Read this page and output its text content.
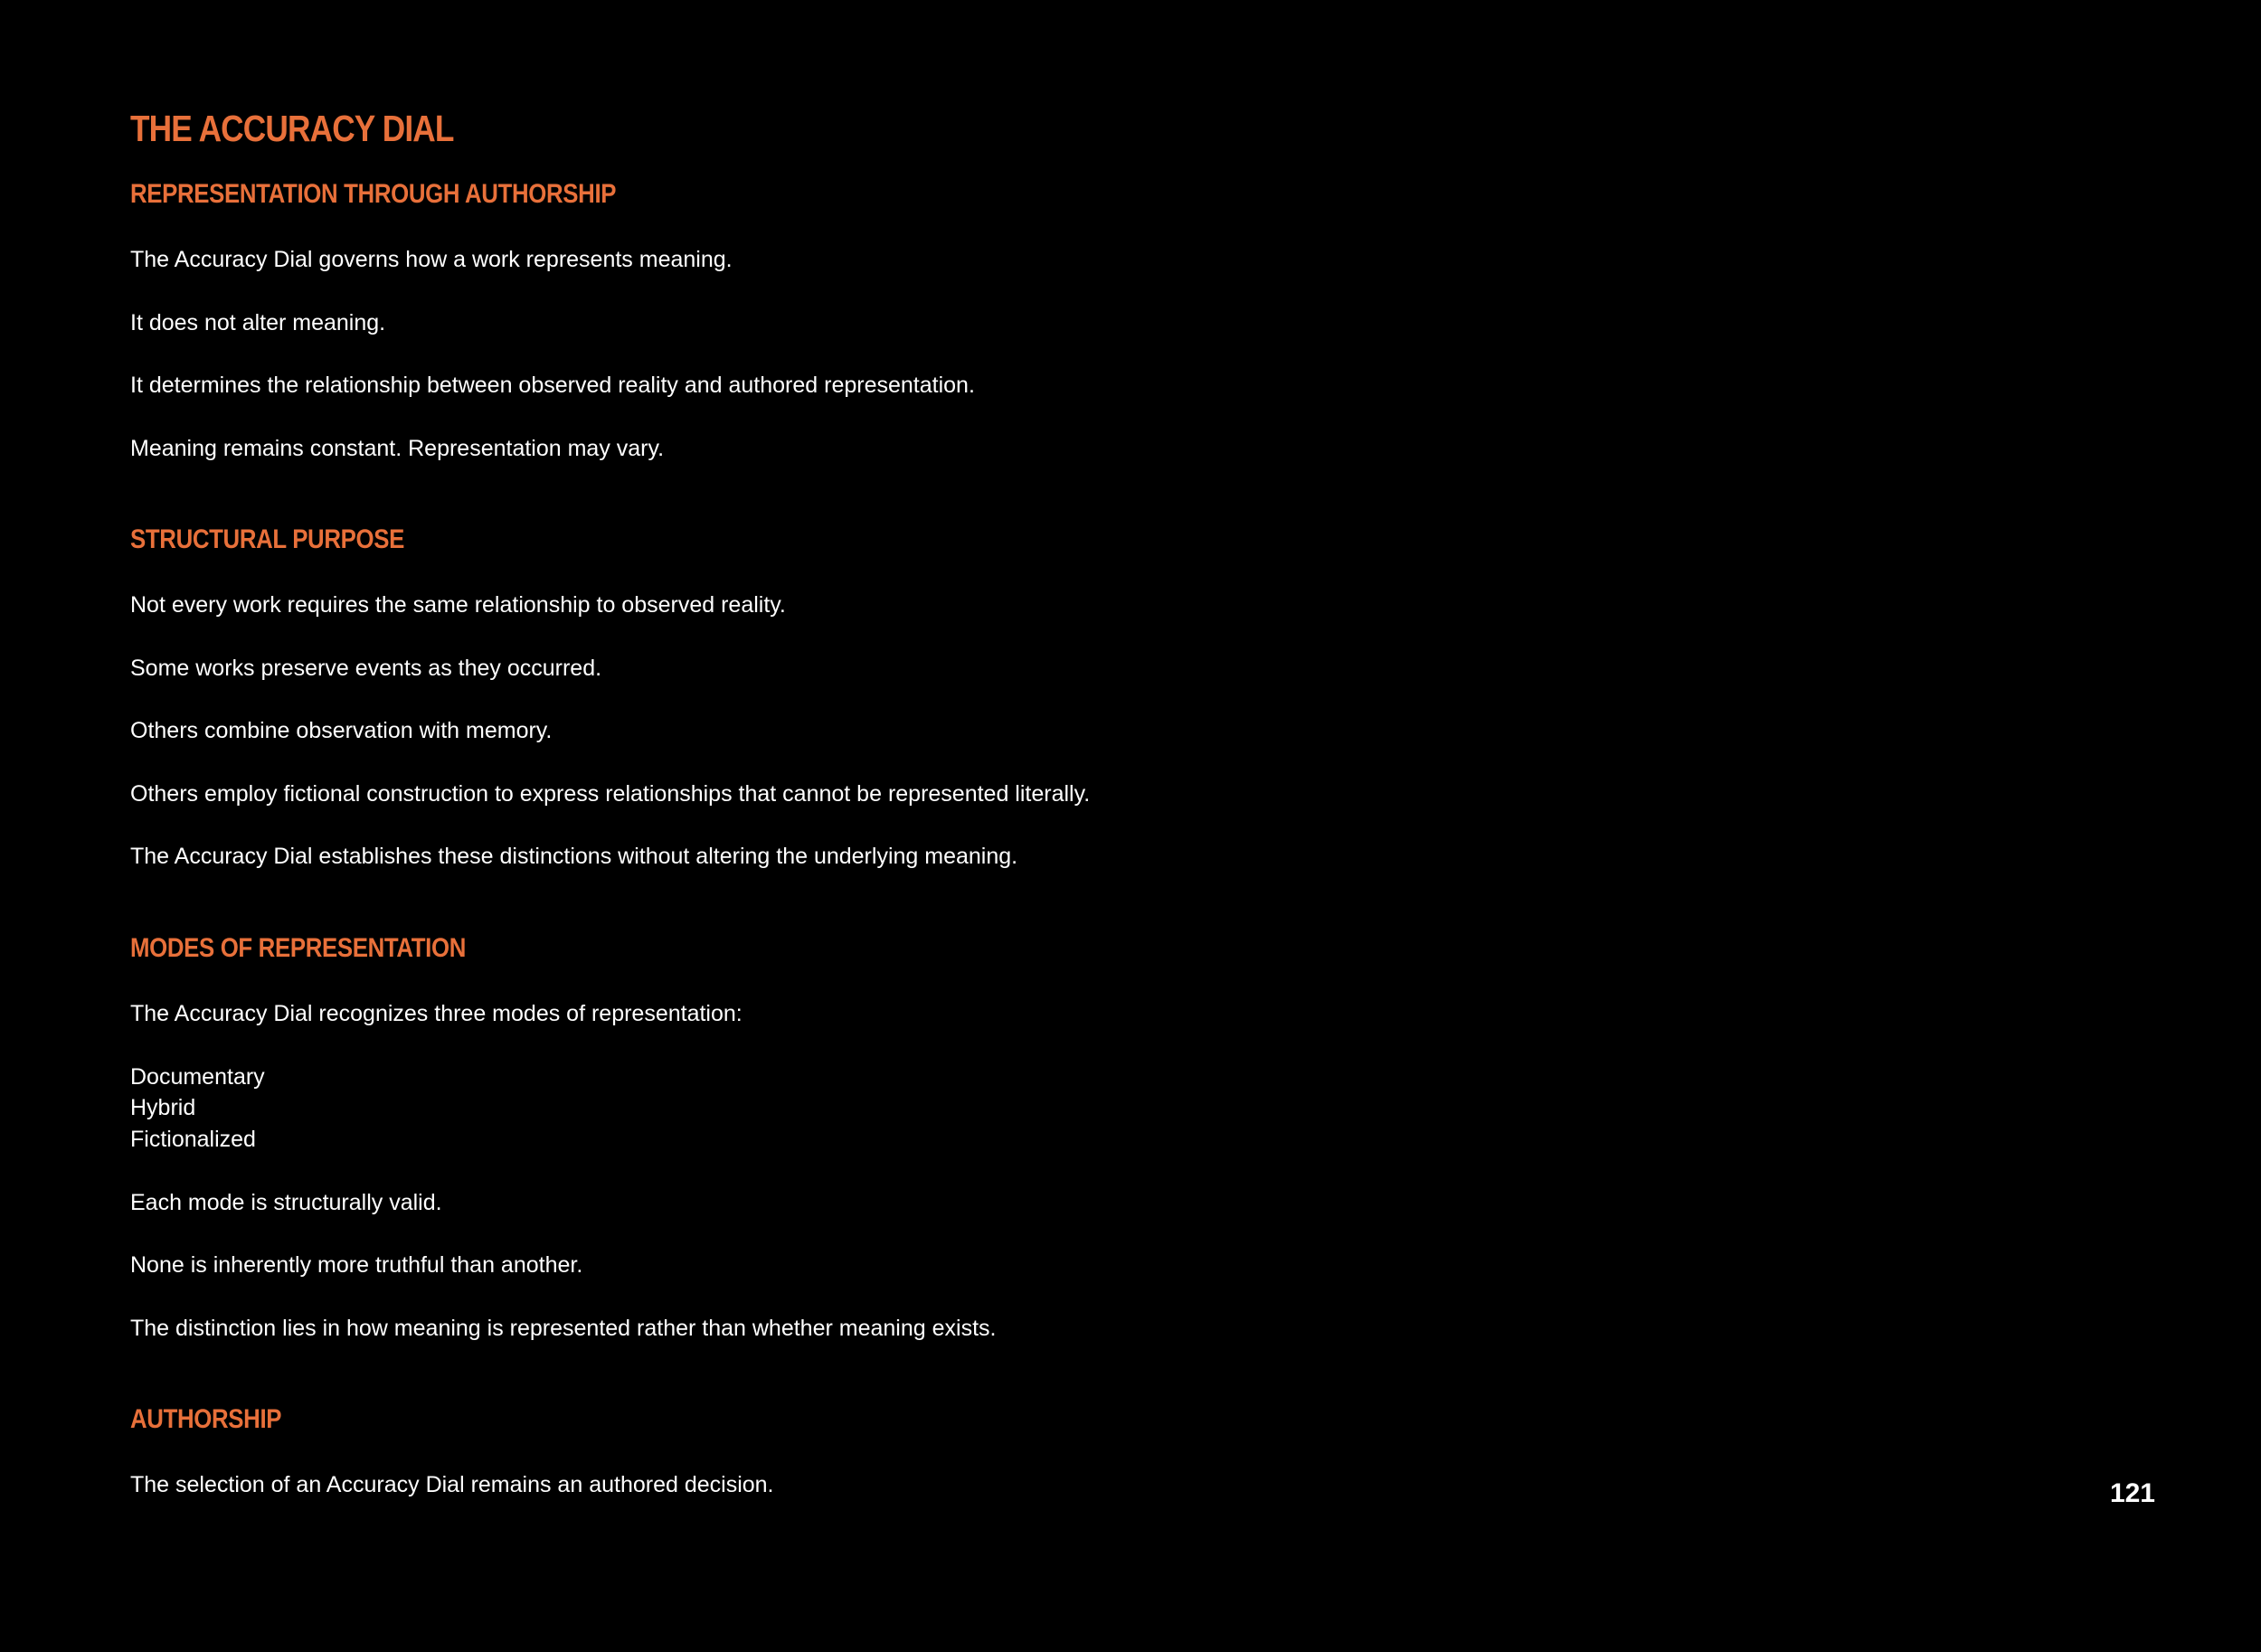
THE ACCURACY DIAL
REPRESENTATION THROUGH AUTHORSHIP

The Accuracy Dial governs how a work represents meaning.

It does not alter meaning.

It determines the relationship between observed reality and authored representation.

Meaning remains constant. Representation may vary.

STRUCTURAL PURPOSE

Not every work requires the same relationship to observed reality.

Some works preserve events as they occurred.

Others combine observation with memory.

Others employ fictional construction to express relationships that cannot be represented literally.

The Accuracy Dial establishes these distinctions without altering the underlying meaning.

MODES OF REPRESENTATION

The Accuracy Dial recognizes three modes of representation:

Documentary

Hybrid

Fictionalized

Each mode is structurally valid.

None is inherently more truthful than another.

The distinction lies in how meaning is represented rather than whether meaning exists.

AUTHORSHIP

The selection of an Accuracy Dial remains an authored decision.	121
